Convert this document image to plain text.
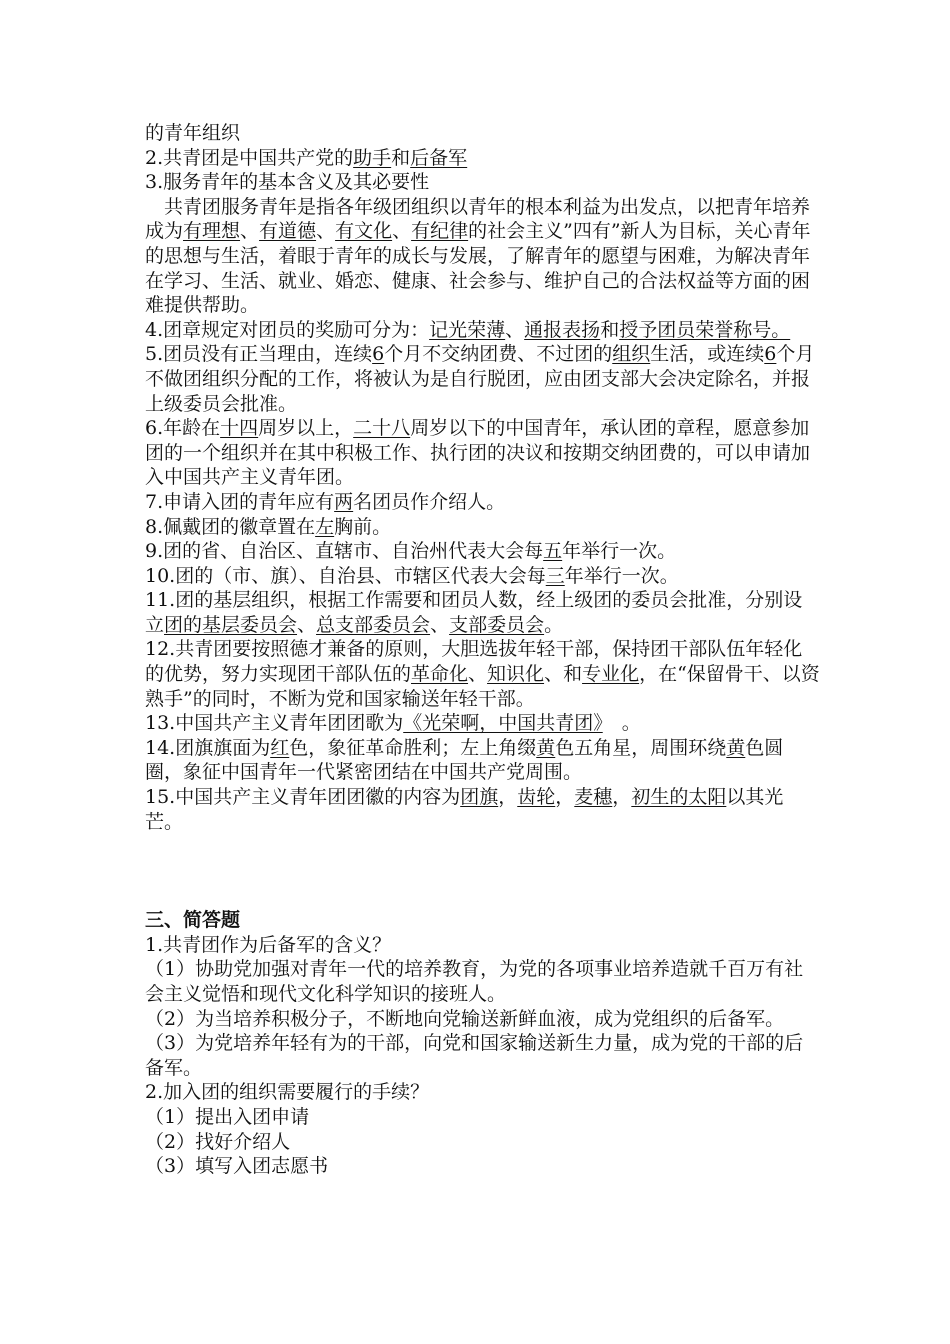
的青年组织

2.共青团是中国共产党的助手和后备军

3.服务青年的基本含义及其必要性

　共青团服务青年是指各年级团组织以青年的根本利益为出发点，以把青年培养成为有理想、有道德、有文化、有纪律的社会主义”四有”新人为目标，关心青年的思想与生活，着眼于青年的成长与发展，了解青年的愿望与困难，为解决青年在学习、生活、就业、婚恋、健康、社会参与、维护自己的合法权益等方面的困难提供帮助。

4.团章规定对团员的奖励可分为：记光荣薄、通报表扬和授予团员荣誉称号。

5.团员没有正当理由，连续6个月不交纳团费、不过团的组织生活，或连续6个月不做团组织分配的工作，将被认为是自行脱团，应由团支部大会决定除名，并报上级委员会批准。

6.年龄在十四周岁以上，二十八周岁以下的中国青年，承认团的章程，愿意参加团的一个组织并在其中积极工作、执行团的决议和按期交纳团费的，可以申请加入中国共产主义青年团。

7.申请入团的青年应有两名团员作介绍人。

8.佩戴团的徽章置在左胸前。

9.团的省、自治区、直辖市、自治州代表大会每五年举行一次。

10.团的（市、旗）、自治县、市辖区代表大会每三年举行一次。

11.团的基层组织，根据工作需要和团员人数，经上级团的委员会批准，分别设立团的基层委员会、总支部委员会、支部委员会。

12.共青团要按照德才兼备的原则，大胆选拔年轻干部，保持团干部队伍年轻化的优势，努力实现团干部队伍的革命化、知识化、和专业化，在“保留骨干、以资熟手”的同时，不断为党和国家输送年轻干部。

13.中国共产主义青年团团歌为《光荣啊，中国共青团》　。

14.团旗旗面为红色，象征革命胜利；左上角缀黄色五角星，周围环绕黄色圆圈，象征中国青年一代紧密团结在中国共产党周围。

15.中国共产主义青年团团徽的内容为团旗，齿轮，麦穗，初生的太阳以其光芒。

三、简答题

1.共青团作为后备军的含义？

（1）协助党加强对青年一代的培养教育，为党的各项事业培养造就千百万有社会主义觉悟和现代文化科学知识的接班人。

（2）为当培养积极分子，不断地向党输送新鲜血液，成为党组织的后备军。

（3）为党培养年轻有为的干部，向党和国家输送新生力量，成为党的干部的后备军。

2.加入团的组织需要履行的手续？

（1）提出入团申请

（2）找好介绍人

（3）填写入团志愿书
